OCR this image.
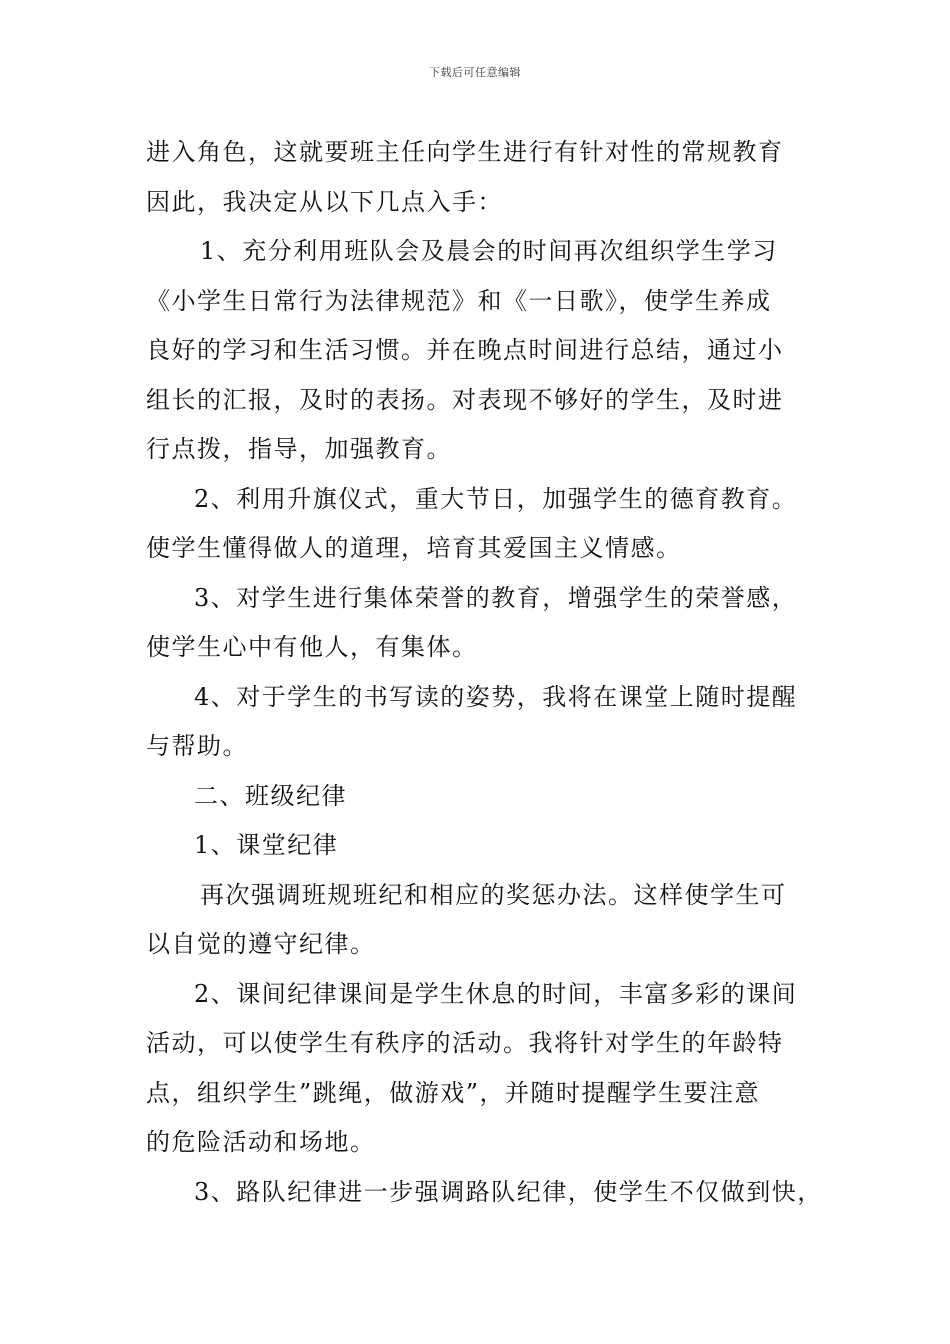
下载后可任意编辑
进入角色，这就要班主任向学生进行有针对性的常规教育
因此，我决定从以下几点入手：
1、充分利用班队会及晨会的时间再次组织学生学习
《小学生日常行为法律规范》和《一日歌》，使学生养成
良好的学习和生活习惯。并在晚点时间进行总结，通过小
组长的汇报，及时的表扬。对表现不够好的学生，及时进
行点拨，指导，加强教育。
2、利用升旗仪式，重大节日，加强学生的德育教育。
使学生懂得做人的道理，培育其爱国主义情感。
3、对学生进行集体荣誉的教育，增强学生的荣誉感，
使学生心中有他人，有集体。
4、对于学生的书写读的姿势，我将在课堂上随时提醒
与帮助。
二、班级纪律
1、课堂纪律
再次强调班规班纪和相应的奖惩办法。这样使学生可
以自觉的遵守纪律。
2、课间纪律课间是学生休息的时间，丰富多彩的课间
活动，可以使学生有秩序的活动。我将针对学生的年龄特
点，组织学生”跳绳，做游戏”，并随时提醒学生要注意
的危险活动和场地。
3、路队纪律进一步强调路队纪律，使学生不仅做到快，
